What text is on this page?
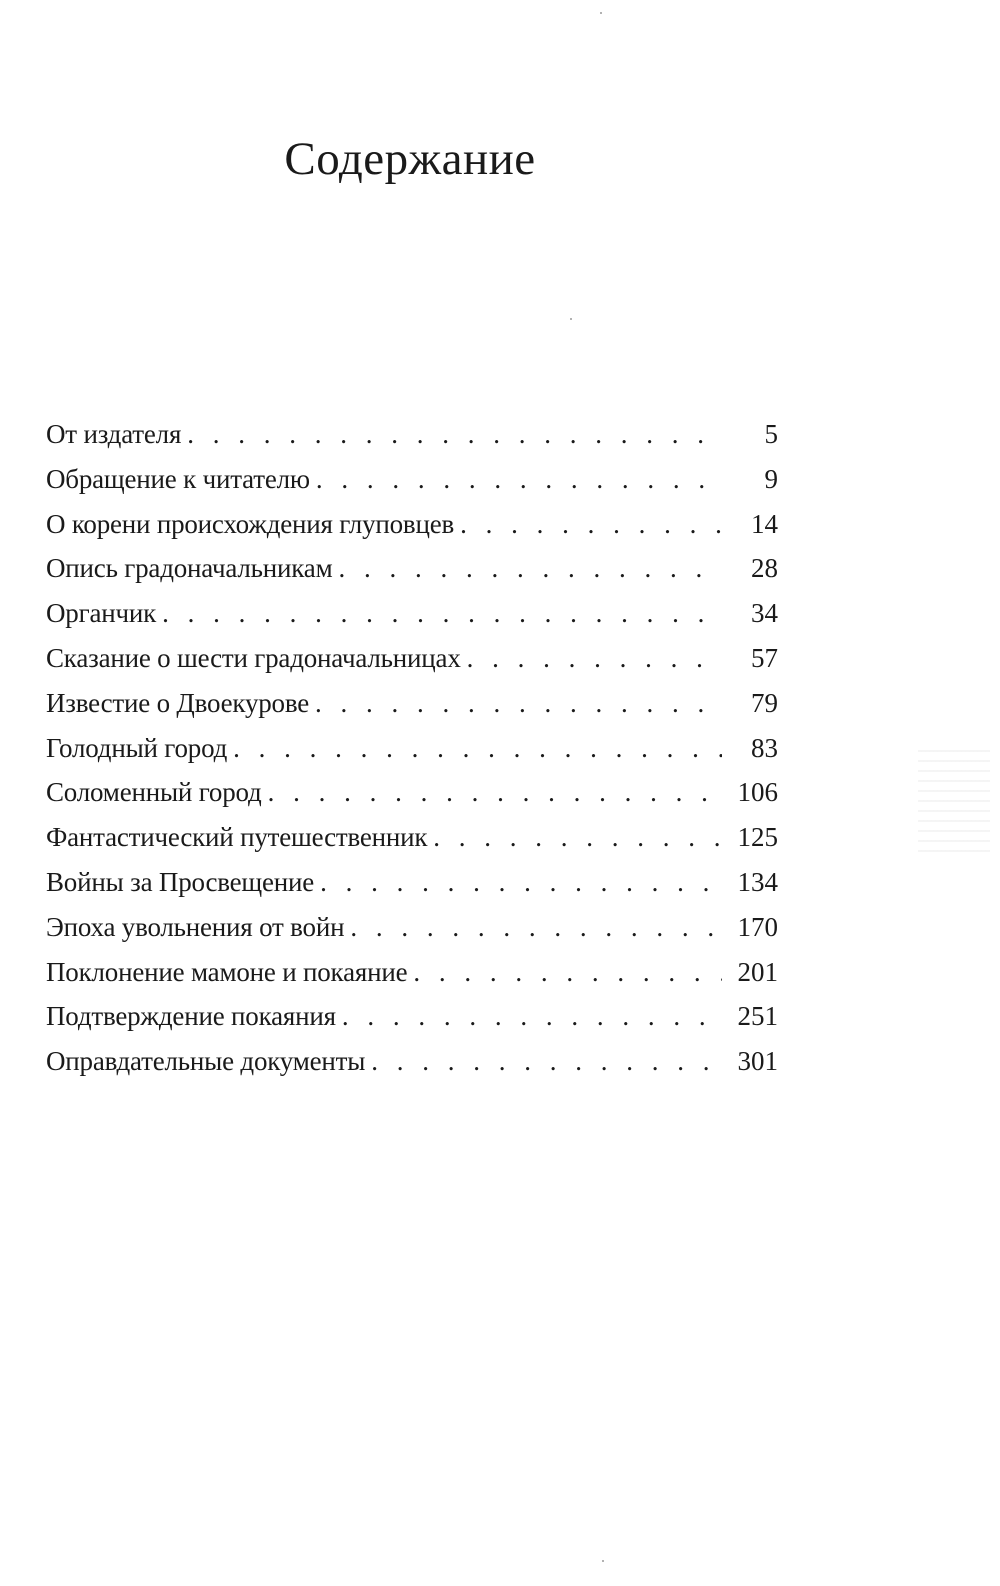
Содержание
От издателя . . .	5
Обращение к читателю . . .	9
О корени происхождения глуповцев . . .	14
Опись градоначальникам . . .	28
Органчик . . .	34
Сказание о шести градоначальницах . . .	57
Известие о Двоекурове . . .	79
Голодный город . . .	83
Соломенный город . . .	106
Фантастический путешественник . . .	125
Войны за Просвещение . . .	134
Эпоха увольнения от войн . . .	170
Поклонение мамоне и покаяние . . .	201
Подтверждение покаяния . . .	251
Оправдательные документы . . .	301
